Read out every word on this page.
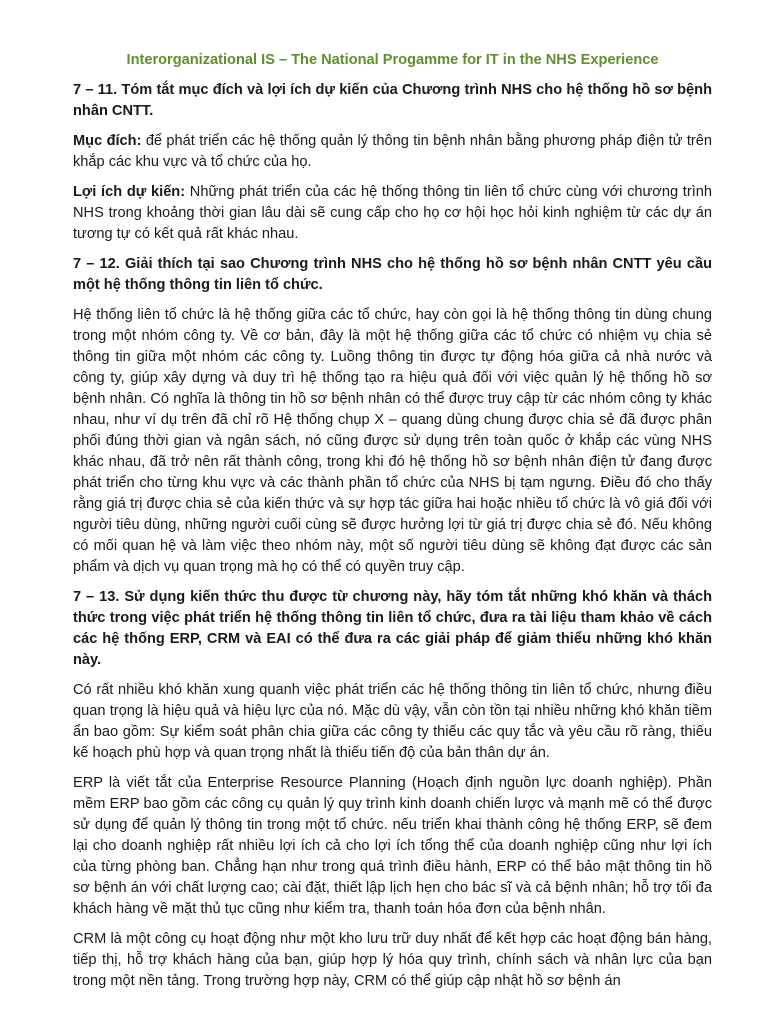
Interorganizational IS – The National Progamme for IT in the NHS Experience

7 – 11. Tóm tắt mục đích và lợi ích dự kiến của Chương trình NHS cho hệ thống hồ sơ bệnh nhân CNTT.

Mục đích: để phát triển các hệ thống quản lý thông tin bệnh nhân bằng phương pháp điện tử trên khắp các khu vực và tổ chức của họ.

Lợi ích dự kiến: Những phát triển của các hệ thống thông tin liên tổ chức cùng với chương trình NHS trong khoảng thời gian lâu dài sẽ cung cấp cho họ cơ hội học hỏi kinh nghiệm từ các dự án tương tự có kết quả rất khác nhau.

7 – 12. Giải thích tại sao Chương trình NHS cho hệ thống hồ sơ bệnh nhân CNTT yêu cầu một hệ thống thông tin liên tổ chức.

Hệ thống liên tổ chức là hệ thống giữa các tổ chức, hay còn gọi là hệ thống thông tin dùng chung trong một nhóm công ty. Về cơ bản, đây là một hệ thống giữa các tổ chức có nhiệm vụ chia sẻ thông tin giữa một nhóm các công ty. Luồng thông tin được tự động hóa giữa cả nhà nước và công ty, giúp xây dựng và duy trì hệ thống tạo ra hiệu quả đối với việc quản lý hệ thống hồ sơ bệnh nhân. Có nghĩa là thông tin hồ sơ bệnh nhân có thể được truy cập từ các nhóm công ty khác nhau, như ví dụ trên đã chỉ rõ Hệ thống chụp X – quang dùng chung được chia sẻ đã được phân phối đúng thời gian và ngân sách, nó cũng được sử dụng trên toàn quốc ở khắp các vùng NHS khác nhau, đã trở nên rất thành công, trong khi đó hệ thống hồ sơ bệnh nhân điện tử đang được phát triển cho từng khu vực và các thành phần tổ chức của NHS bị tạm ngưng. Điều đó cho thấy rằng giá trị được chia sẻ của kiến thức và sự hợp tác giữa hai hoặc nhiều tổ chức là vô giá đối với người tiêu dùng, những người cuối cùng sẽ được hưởng lợi từ giá trị được chia sẻ đó. Nếu không có mối quan hệ và làm việc theo nhóm này, một số người tiêu dùng sẽ không đạt được các sản phẩm và dịch vụ quan trọng mà họ có thể có quyền truy cập.

7 – 13. Sử dụng kiến thức thu được từ chương này, hãy tóm tắt những khó khăn và thách thức trong việc phát triển hệ thống thông tin liên tổ chức, đưa ra tài liệu tham khảo về cách các hệ thống ERP, CRM và EAI có thể đưa ra các giải pháp để giảm thiểu những khó khăn này.

Có rất nhiều khó khăn xung quanh việc phát triển các hệ thống thông tin liên tổ chức, nhưng điều quan trọng là hiệu quả và hiệu lực của nó. Mặc dù vậy, vẫn còn tồn tại nhiều những khó khăn tiềm ẩn bao gồm: Sự kiểm soát phân chia giữa các công ty thiếu các quy tắc và yêu cầu rõ ràng, thiếu kế hoạch phù hợp và quan trọng nhất là thiếu tiến độ của bản thân dự án.

ERP là viết tắt của Enterprise Resource Planning (Hoạch định nguồn lực doanh nghiệp). Phần mềm ERP bao gồm các công cụ quản lý quy trình kinh doanh chiến lược và mạnh mẽ có thể được sử dụng để quản lý thông tin trong một tổ chức. nếu triển khai thành công hệ thống ERP, sẽ đem lại cho doanh nghiệp rất nhiều lợi ích cả cho lợi ích tổng thể của doanh nghiệp cũng như lợi ích của từng phòng ban. Chẳng hạn như trong quá trình điều hành, ERP có thể bảo mật thông tin hồ sơ bệnh án với chất lượng cao; cài đặt, thiết lập lịch hẹn cho bác sĩ và cả bệnh nhân; hỗ trợ tối đa khách hàng về mặt thủ tục cũng như kiểm tra, thanh toán hóa đơn của bệnh nhân.

CRM là một công cụ hoạt động như một kho lưu trữ duy nhất để kết hợp các hoạt động bán hàng, tiếp thị, hỗ trợ khách hàng của bạn, giúp hợp lý hóa quy trình, chính sách và nhân lực của bạn trong một nền tảng. Trong trường hợp này, CRM có thể giúp cập nhật hồ sơ bệnh án
